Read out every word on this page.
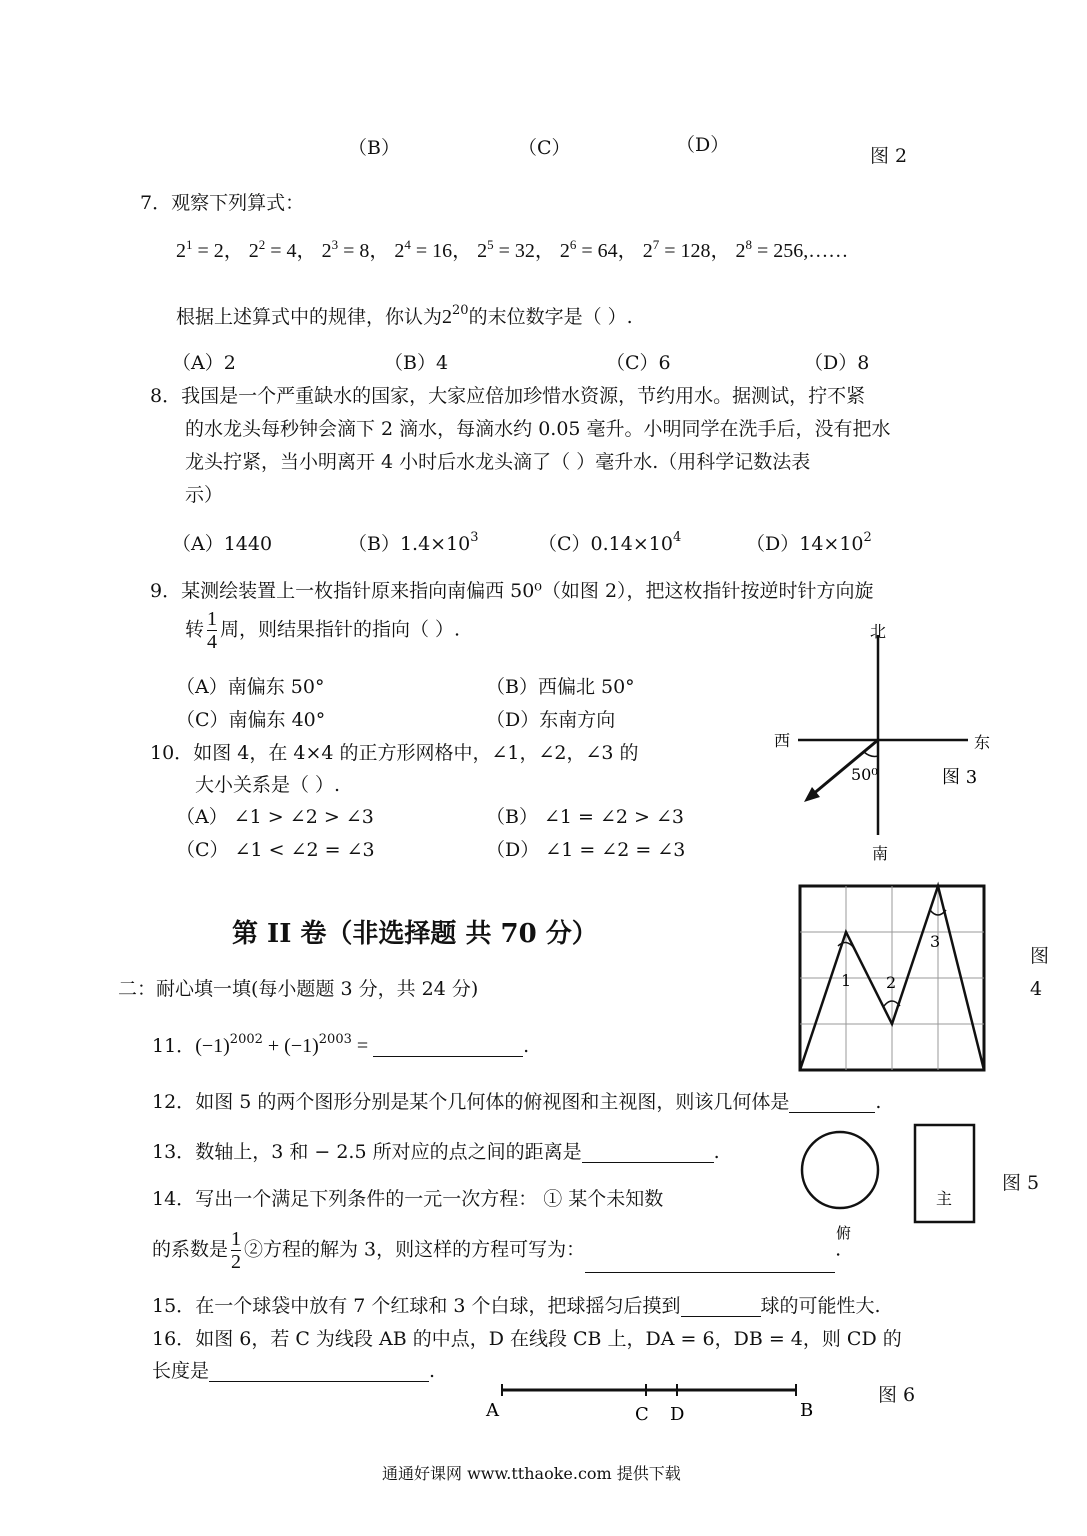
（B）	（C）	（D）	图 2
7．观察下列算式：
$2^1 = 2$， $2^2 = 4$， $2^3 = 8$， $2^4 = 16$， $2^5 = 32$， $2^6 = 64$， $2^7 = 128$， $2^8$ = 256,……
根据上述算式中的规律，你认为$2^{20}$的末位数字是（ ）.
（A）2	（B）4	（C）6	（D）8
8．我国是一个严重缺水的国家，大家应倍加珍惜水资源，节约用水。据测试，拧不紧
的水龙头每秒钟会滴下 2 滴水，每滴水约 0.05 毫升。小明同学在洗手后，没有把水
龙头拧紧，当小明离开 4 小时后水龙头滴了（ ）毫升水.（用科学记数法表
示）
（A）1440	$(B)1.4\times 10^3$	$(C)0.14\times 10^4$	$(D)14\times 10^2$
9．某测绘装置上一枚指针原来指向南偏西 50⁰（如图 2），把这枚指针按逆时针方向旋
转 $\frac{1}{4}$ 周，则结果指针的指向（ ）.
（A）南偏东 50°	（B）西偏北 50°
（C）南偏东 40°	（D）东南方向
北
南
西	东
50⁰	图 3
10．如图 4，在 4×4 的正方形网格中，∠1，∠2，∠3 的
大小关系是（ ）.
（A） ∠1 > ∠2 > ∠3	（B） ∠1 = ∠2 > ∠3
（C） ∠1 < ∠2 = ∠3	（D） ∠1 = ∠2 = ∠3
1 2
3
图
4
第 II 卷（非选择题 共 70 分）
二：耐心填一填(每小题题 3 分，共 24 分)
11．$(-1)^{2002} + (-1)^{2003}$ =	.
12．如图 5 的两个图形分别是某个几何体的俯视图和主视图，则该几何体是	.
13．数轴上，3 和 − 2.5 所对应的点之间的距离是	.
俯
主
图 5
14．写出一个满足下列条件的一元一次方程： ① 某个未知数
的系数是 $\frac{1}{2}$ ②方程的解为 3，则这样的方程可写为：	.
15．在一个球袋中放有 7 个红球和 3 个白球，把球摇匀后摸到	球的可能性大.
16．如图 6，若 C 为线段 AB 的中点，D 在线段 CB 上，DA = 6，DB = 4，则 CD 的
长度是	.
A	C D	B
图 6
通通好课网 www.tthaoke.com 提供下载
